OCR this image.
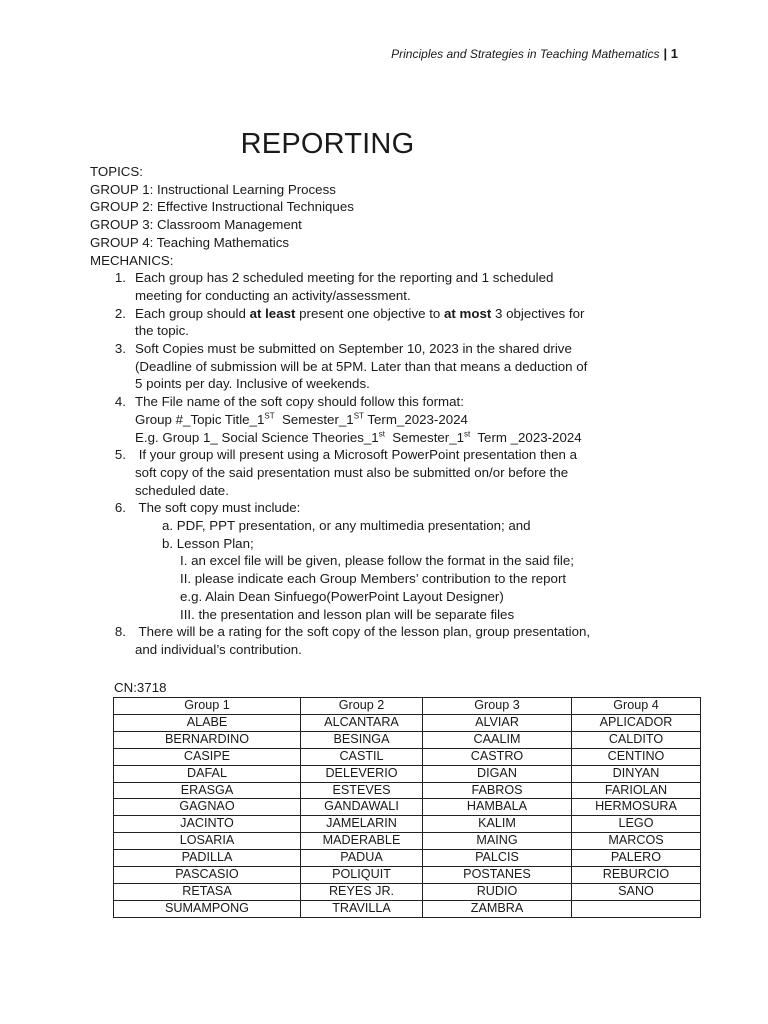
Principles and Strategies in Teaching Mathematics | 1
REPORTING
TOPICS:
GROUP 1: Instructional Learning Process
GROUP 2: Effective Instructional Techniques
GROUP 3: Classroom Management
GROUP 4: Teaching Mathematics
MECHANICS:
1. Each group has 2 scheduled meeting for the reporting and 1 scheduled
meeting for conducting an activity/assessment.
2. Each group should at least present one objective to at most 3 objectives for
the topic.
3. Soft Copies must be submitted on September 10, 2023 in the shared drive
(Deadline of submission will be at 5PM. Later than that means a deduction of
5 points per day. Inclusive of weekends.
4. The File name of the soft copy should follow this format:
Group #_Topic Title_1ST  Semester_1ST Term_2023-2024
E.g. Group 1_ Social Science Theories_1st  Semester_1st  Term _2023-2024
5. If your group will present using a Microsoft PowerPoint presentation then a
soft copy of the said presentation must also be submitted on/or before the
scheduled date.
6. The soft copy must include:
a. PDF, PPT presentation, or any multimedia presentation; and
b. Lesson Plan;
I. an excel file will be given, please follow the format in the said file;
II. please indicate each Group Members’ contribution to the report
e.g. Alain Dean Sinfuego(PowerPoint Layout Designer)
III. the presentation and lesson plan will be separate files
8. There will be a rating for the soft copy of the lesson plan, group presentation,
and individual’s contribution.
CN:3718
Group 1	Group 2	Group 3	Group 4
ALABE	ALCANTARA	ALVIAR	APLICADOR
BERNARDINO	BESINGA	CAALIM	CALDITO
CASIPE	CASTIL	CASTRO	CENTINO
DAFAL	DELEVERIO	DIGAN	DINYAN
ERASGA	ESTEVES	FABROS	FARIOLAN
GAGNAO	GANDAWALI	HAMBALA	HERMOSURA
JACINTO	JAMELARIN	KALIM	LEGO
LOSARIA	MADERABLE	MAING	MARCOS
PADILLA	PADUA	PALCIS	PALERO
PASCASIO	POLIQUIT	POSTANES	REBURCIO
RETASA	REYES JR.	RUDIO	SANO
SUMAMPONG	TRAVILLA	ZAMBRA	
